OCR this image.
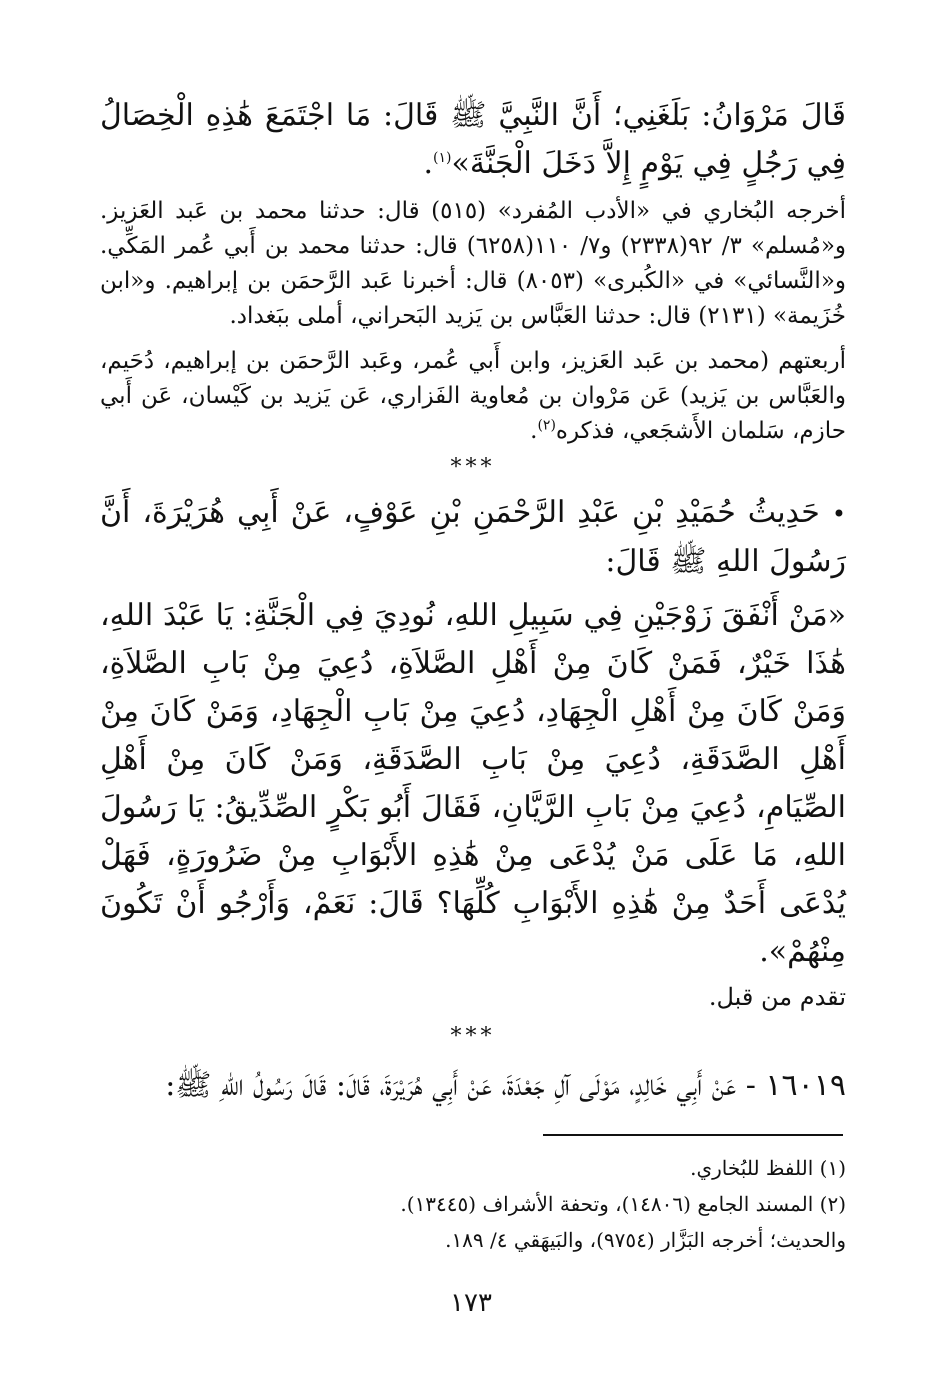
قَالَ مَرْوَانُ: بَلَغَنِي؛ أَنَّ النَّبِيَّ ﷺ قَالَ: مَا اجْتَمَعَ هَٰذِهِ الْخِصَالُ فِي رَجُلٍ فِي يَوْمٍ إِلاَّ دَخَلَ الْجَنَّةَ»$^{(١)}$.

أخرجه البُخاري في «الأدب المُفرد» (٥١٥) قال: حدثنا محمد بن عَبد العَزيز. و«مُسلم» ٣/ ٩٢(٢٣٣٨) و٧/ ١١٠(٦٢٥٨) قال: حدثنا محمد بن أَبي عُمر المَكِّي. و«النَّسائي» في «الكُبرى» (٨٠٥٣) قال: أخبرنا عَبد الرَّحمَن بن إبراهيم. و«ابن خُزَيمة» (٢١٣١) قال: حدثنا العَبَّاس بن يَزيد البَحراني، أملى ببَغداد.

أربعتهم (محمد بن عَبد العَزيز، وابن أَبي عُمر، وعَبد الرَّحمَن بن إبراهيم، دُحَيم، والعَبَّاس بن يَزيد) عَن مَرْوان بن مُعاوية الفَزاري، عَن يَزيد بن كَيْسان، عَن أَبي حازم، سَلمان الأَشجَعي، فذكره$^{(٢)}$.

***

•حَدِيثُ حُمَيْدِ بْنِ عَبْدِ الرَّحْمَنِ بْنِ عَوْفٍ، عَنْ أَبِي هُرَيْرَةَ، أَنَّ رَسُولَ اللهِ ﷺ قَالَ:

«مَنْ أَنْفَقَ زَوْجَيْنِ فِي سَبِيلِ اللهِ، نُودِيَ فِي الْجَنَّةِ: يَا عَبْدَ اللهِ، هَٰذَا خَيْرٌ، فَمَنْ كَانَ مِنْ أَهْلِ الصَّلاَةِ، دُعِيَ مِنْ بَابِ الصَّلاَةِ، وَمَنْ كَانَ مِنْ أَهْلِ الْجِهَادِ، دُعِيَ مِنْ بَابِ الْجِهَادِ، وَمَنْ كَانَ مِنْ أَهْلِ الصَّدَقَةِ، دُعِيَ مِنْ بَابِ الصَّدَقَةِ، وَمَنْ كَانَ مِنْ أَهْلِ الصِّيَامِ، دُعِيَ مِنْ بَابِ الرَّيَّانِ، فَقَالَ أَبُو بَكْرٍ الصِّدِّيقُ: يَا رَسُولَ اللهِ، مَا عَلَى مَنْ يُدْعَى مِنْ هَٰذِهِ الأَبْوَابِ مِنْ ضَرُورَةٍ، فَهَلْ يُدْعَى أَحَدٌ مِنْ هَٰذِهِ الأَبْوَابِ كُلِّهَا؟ قَالَ: نَعَمْ، وَأَرْجُو أَنْ تَكُونَ مِنْهُمْ».

تقدم من قبل.

***

١٦٠١٩ - عَنْ أَبِي خَالِدٍ، مَوْلَى آلِ جَعْدَةَ، عَنْ أَبِي هُرَيْرَةَ، قَالَ: قَالَ رَسُولُ اللهِ ﷺ:

(١) اللفظ للبُخاري.

(٢) المسند الجامع (١٤٨٠٦)، وتحفة الأشراف (١٣٤٤٥).

والحديث؛ أخرجه البَزَّار (٩٧٥٤)، والبَيهَقي ٤/ ١٨٩.

١٧٣
